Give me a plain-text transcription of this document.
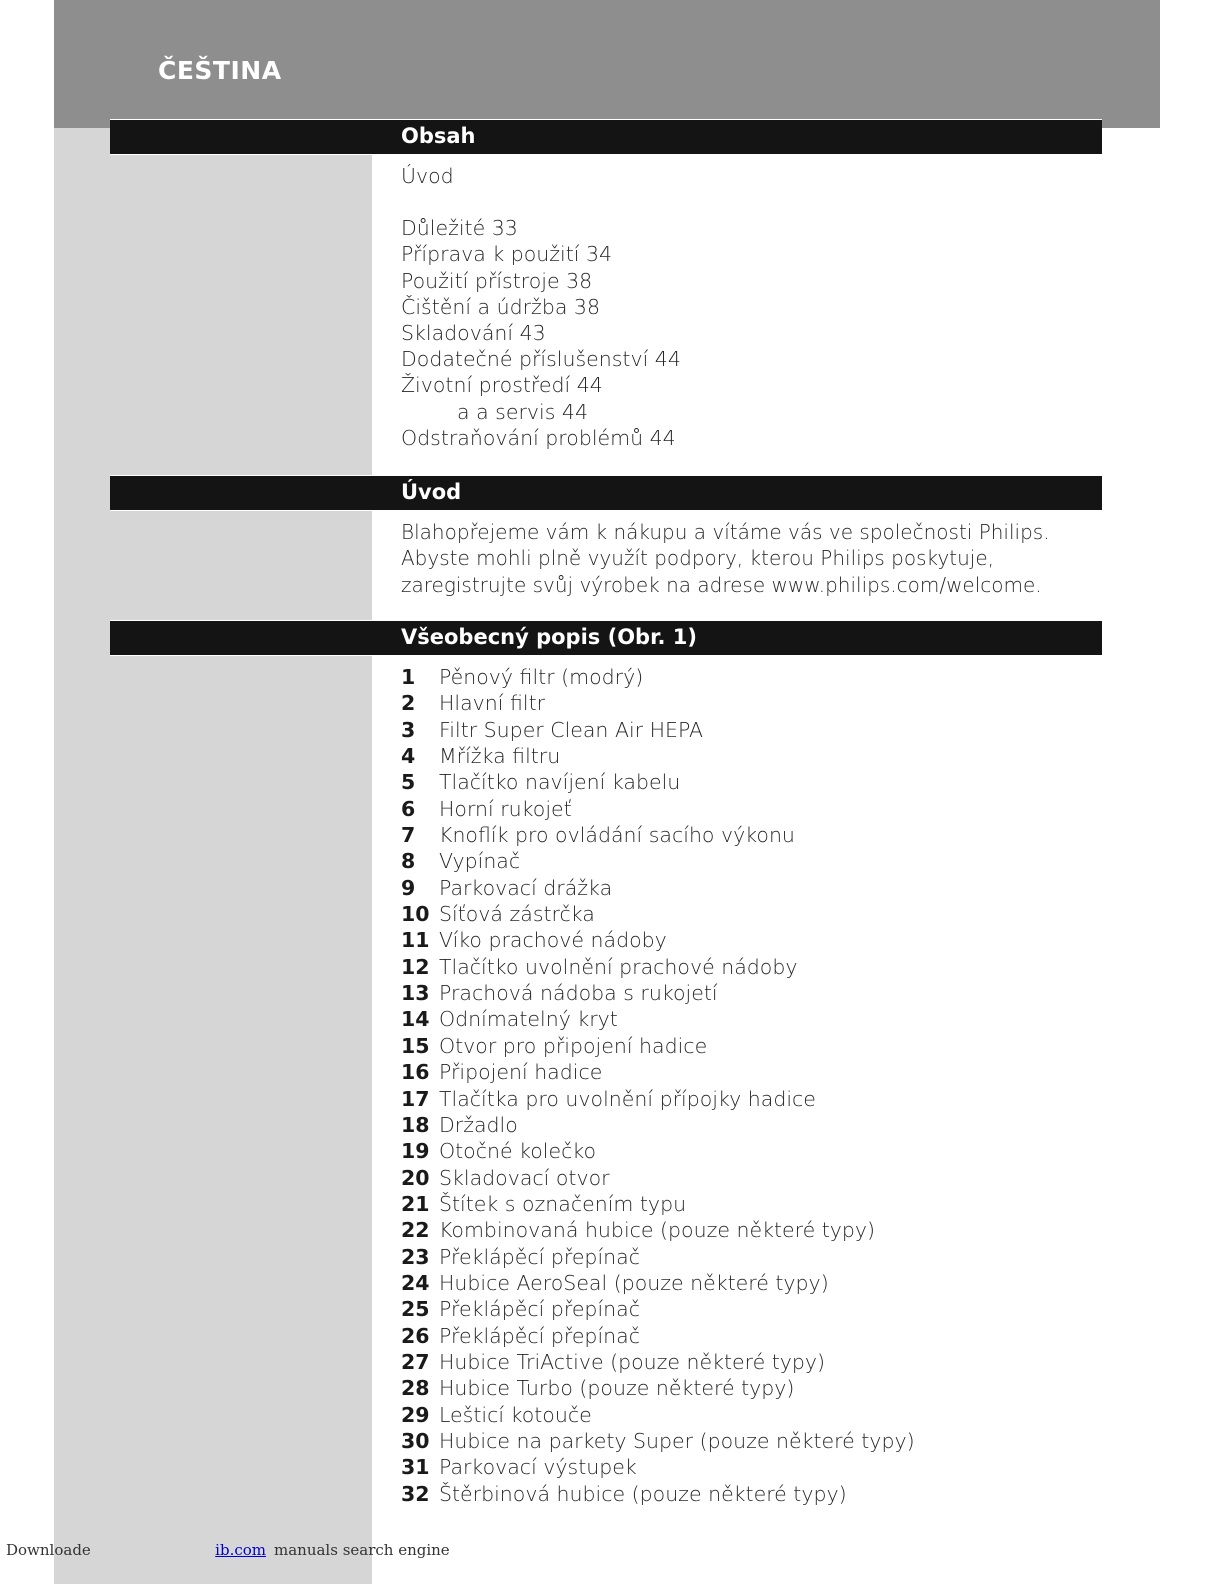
ČEŠTINA
Obsah
Úvod
Důležité 33
Příprava k použití 34
Použití přístroje 38
Čištění a údržba 38
Skladování 43
Dodatečné příslušenství 44
Životní prostředí 44
a a servis 44
Odstraňování problémů 44
Úvod
Blahopřejeme vám k nákupu a vítáme vás ve společnosti Philips. Abyste mohli plně využít podpory, kterou Philips poskytuje, zaregistrujte svůj výrobek na adrese www.philips.com/welcome.
Všeobecný popis (Obr. 1)
1	Pěnový filtr (modrý)
2	Hlavní filtr
3	Filtr Super Clean Air HEPA
4	Mřížka filtru
5	Tlačítko navíjení kabelu
6	Horní rukojeť
7	Knoflík pro ovládání sacího výkonu
8	Vypínač
9	Parkovací drážka
10 Síťová zástrčka
11 Víko prachové nádoby
12 Tlačítko uvolnění prachové nádoby
13 Prachová nádoba s rukojetí
14 Odnímatelný kryt
15 Otvor pro připojení hadice
16 Připojení hadice
17 Tlačítka pro uvolnění přípojky hadice
18 Držadlo
19 Otočné kolečko
20 Skladovací otvor
21 Štítek s označením typu
22 Kombinovaná hubice (pouze některé typy)
23 Překlápěcí přepínač
24 Hubice AeroSeal (pouze některé typy)
25 Překlápěcí přepínač
26 Překlápěcí přepínač
27 Hubice TriActive (pouze některé typy)
28 Hubice Turbo (pouze některé typy)
29 Lešticí kotouče
30 Hubice na parkety Super (pouze některé typy)
31 Parkovací výstupek
32 Štěrbinová hubice (pouze některé typy)
Downloade	ib.com manuals search engine
